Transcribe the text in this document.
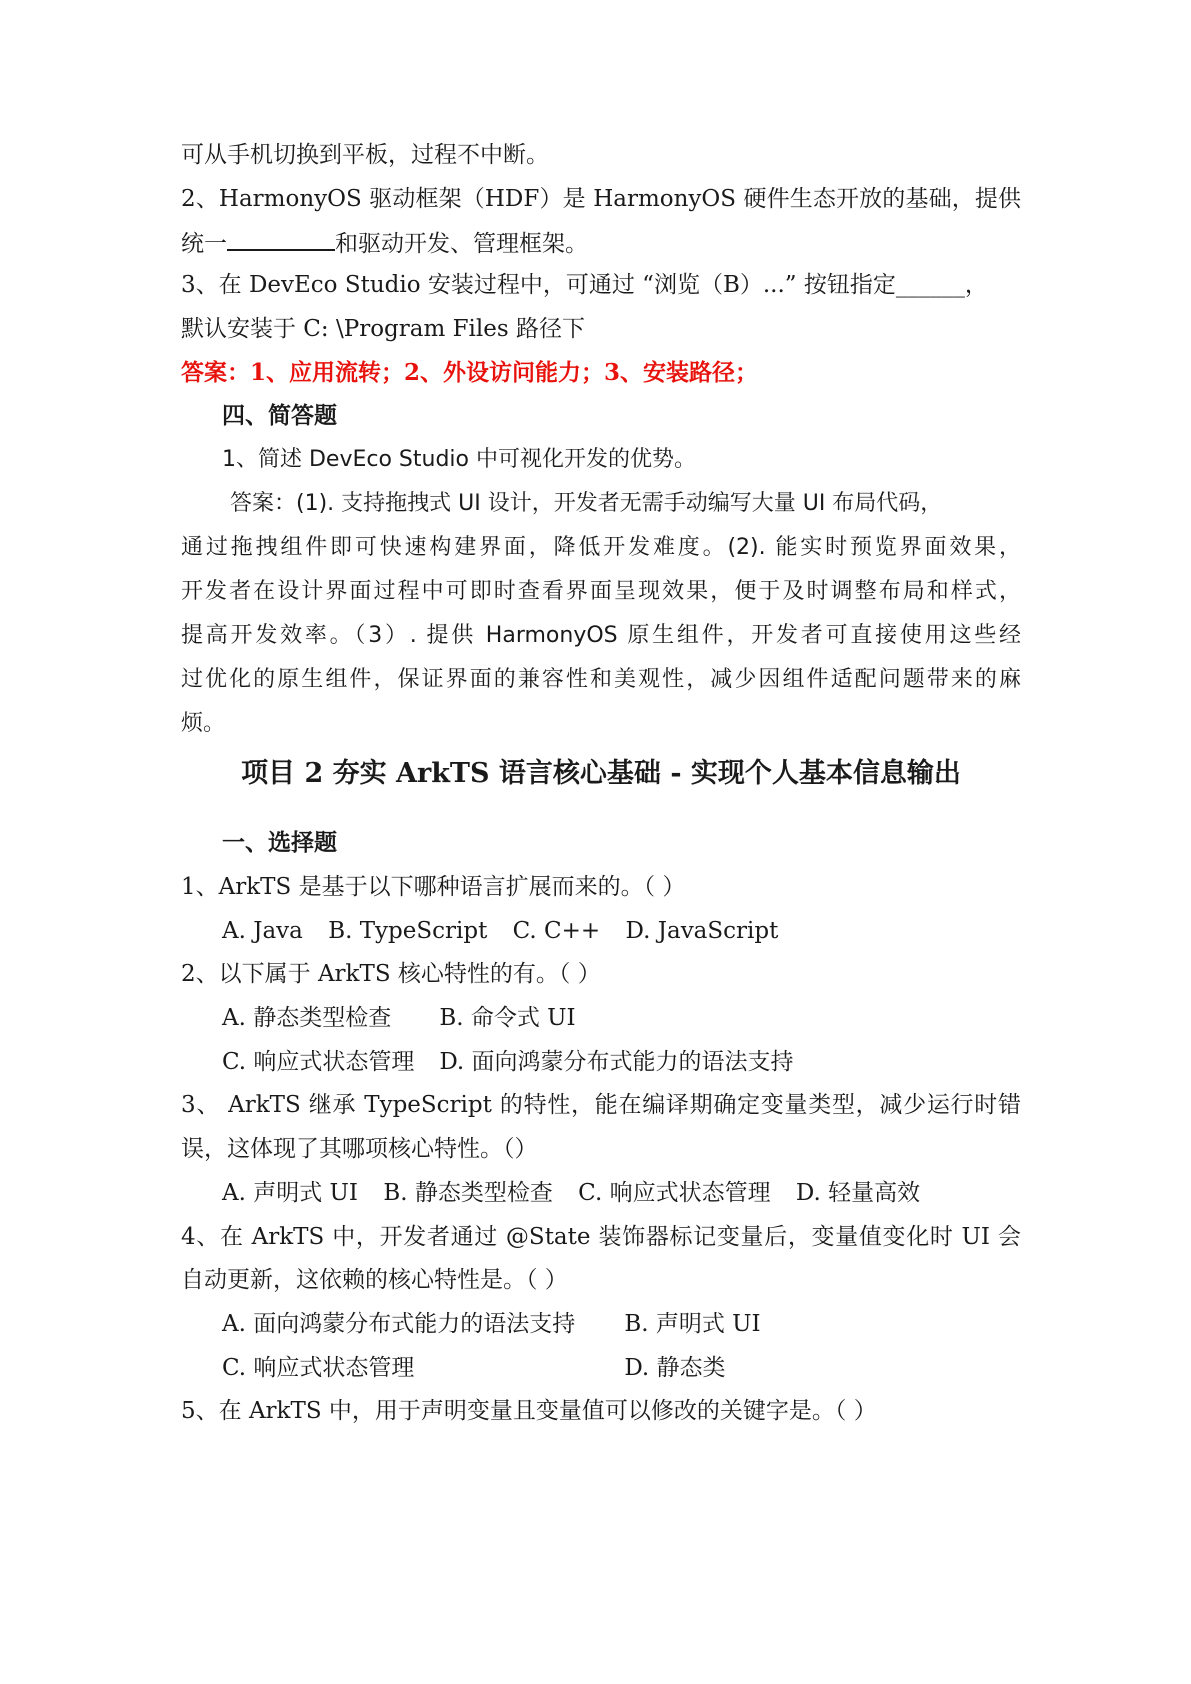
可从手机切换到平板，过程不中断。
2、HarmonyOS 驱动框架（HDF）是 HarmonyOS 硬件生态开放的基础，提供
统一	和驱动开发、管理框架。
3、在 DevEco Studio 安装过程中，可通过 “浏览（B）...” 按钮指定______，
默认安装于 C: \Program Files 路径下
答案：1、应用流转；2、外设访问能力；3、安装路径；
四、简答题
1、简述 DevEco Studio 中可视化开发的优势。
答案：(1). 支持拖拽式 UI 设计，开发者无需手动编写大量 UI 布局代码，
通过拖拽组件即可快速构建界面，降低开发难度。(2). 能实时预览界面效果，
开发者在设计界面过程中可即时查看界面呈现效果，便于及时调整布局和样式，
提高开发效率。（3）. 提供 HarmonyOS 原生组件，开发者可直接使用这些经
过优化的原生组件，保证界面的兼容性和美观性，减少因组件适配问题带来的麻
烦。
项目 2 夯实 ArkTS 语言核心基础 - 实现个人基本信息输出
一、选择题
1、ArkTS 是基于以下哪种语言扩展而来的。（ ）
A. Java B. TypeScript C. C++ D. JavaScript
2、以下属于 ArkTS 核心特性的有。（ ）
A. 静态类型检查 B. 命令式 UI
C. 响应式状态管理 D. 面向鸿蒙分布式能力的语法支持
3、 ArkTS 继承 TypeScript 的特性，能在编译期确定变量类型，减少运行时错
误，这体现了其哪项核心特性。（）
A. 声明式 UI B. 静态类型检查 C. 响应式状态管理 D. 轻量高效
4、在 ArkTS 中，开发者通过 @State 装饰器标记变量后，变量值变化时 UI 会
自动更新，这依赖的核心特性是。（ ）
A. 面向鸿蒙分布式能力的语法支持 B. 声明式 UI
C. 响应式状态管理	D. 静态类
5、在 ArkTS 中，用于声明变量且变量值可以修改的关键字是。（ ）
